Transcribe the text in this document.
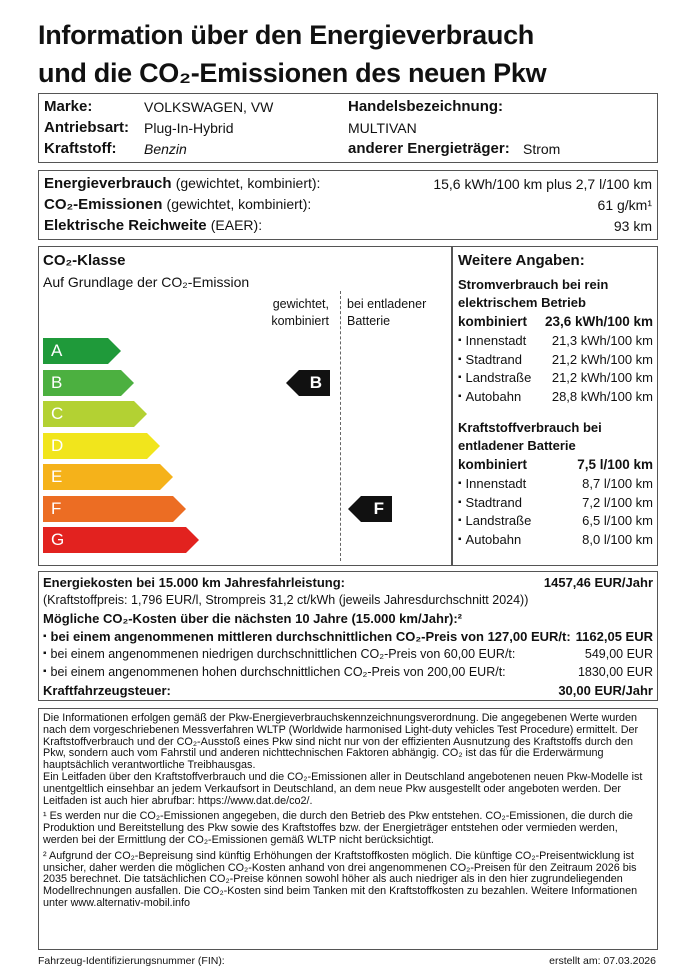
Information über den Energieverbrauch
und die CO₂-Emissionen des neuen Pkw
Marke:	VOLKSWAGEN, VW
Antriebsart: Plug-In-Hybrid
Kraftstoff: Benzin
Handelsbezeichnung:
MULTIVAN
anderer Energieträger: Strom
Energieverbrauch (gewichtet, kombiniert):	15,6 kWh/100 km plus 2,7 l/100 km
CO₂-Emissionen (gewichtet, kombiniert):	61 g/km¹
Elektrische Reichweite (EAER):	93 km
CO₂-Klasse
Auf Grundlage der CO₂-Emission
gewichtet,
kombiniert
bei entladener
Batterie
A
B
C
D
E
F
G
B
F
Weitere Angaben:
Stromverbrauch bei rein
elektrischem Betrieb
kombiniert 23,6 kWh/100 km
▪ Innenstadt 21,3 kWh/100 km
▪ Stadtrand 21,2 kWh/100 km
▪ Landstraße 21,2 kWh/100 km
▪ Autobahn 28,8 kWh/100 km
Kraftstoffverbrauch bei
entladener Batterie
kombiniert	7,5 l/100 km
▪ Innenstadt	8,7 l/100 km
▪ Stadtrand	7,2 l/100 km
▪ Landstraße	6,5 l/100 km
▪ Autobahn	8,0 l/100 km
Energiekosten bei 15.000 km Jahresfahrleistung:	1457,46 EUR/Jahr
(Kraftstoffpreis: 1,796 EUR/l, Strompreis 31,2 ct/kWh (jeweils Jahresdurchschnitt 2024))
Mögliche CO₂-Kosten über die nächsten 10 Jahre (15.000 km/Jahr):²
▪ bei einem angenommenen mittleren durchschnittlichen CO₂-Preis von 127,00 EUR/t: 1162,05 EUR
▪ bei einem angenommenen niedrigen durchschnittlichen CO₂-Preis von 60,00 EUR/t:	549,00 EUR
▪ bei einem angenommenen hohen durchschnittlichen CO₂-Preis von 200,00 EUR/t:	1830,00 EUR
Kraftfahrzeugsteuer:	30,00 EUR/Jahr

Die Informationen erfolgen gemäß der Pkw-Energieverbrauchskennzeichnungsverordnung. Die angegebenen Werte wurden nach dem vorgeschriebenen Messverfahren WLTP (Worldwide harmonised Light-duty vehicles Test Procedure) ermittelt. Der Kraftstoffverbrauch und der CO₂-Ausstoß eines Pkw sind nicht nur von der effizienten Ausnutzung des Kraftstoffs durch den Pkw, sondern auch vom Fahrstil und anderen nichttechnischen Faktoren abhängig. CO₂ ist das für die Erderwärmung hauptsächlich verantwortliche Treibhausgas.

Ein Leitfaden über den Kraftstoffverbrauch und die CO₂-Emissionen aller in Deutschland angebotenen neuen Pkw-Modelle ist unentgeltlich einsehbar an jedem Verkaufsort in Deutschland, an dem neue Pkw ausgestellt oder angeboten werden. Der Leitfaden ist auch hier abrufbar: https://www.dat.de/co2/.

¹ Es werden nur die CO₂-Emissionen angegeben, die durch den Betrieb des Pkw entstehen. CO₂-Emissionen, die durch die Produktion und Bereitstellung des Pkw sowie des Kraftstoffes bzw. der Energieträger entstehen oder vermieden werden, werden bei der Ermittlung der CO₂-Emissionen gemäß WLTP nicht berücksichtigt.

² Aufgrund der CO₂-Bepreisung sind künftig Erhöhungen der Kraftstoffkosten möglich. Die künftige CO₂-Preisentwicklung ist unsicher, daher werden die möglichen CO₂-Kosten anhand von drei angenommenen CO₂-Preisen für den Zeitraum 2026 bis 2035 berechnet. Die tatsächlichen CO₂-Preise können sowohl höher als auch niedriger als in den hier zugrundeliegenden Modellrechnungen ausfallen. Die CO₂-Kosten sind beim Tanken mit den Kraftstoffkosten zu bezahlen. Weitere Informationen unter www.alternativ-mobil.info

Fahrzeug-Identifizierungsnummer (FIN):	erstellt am: 07.03.2026
